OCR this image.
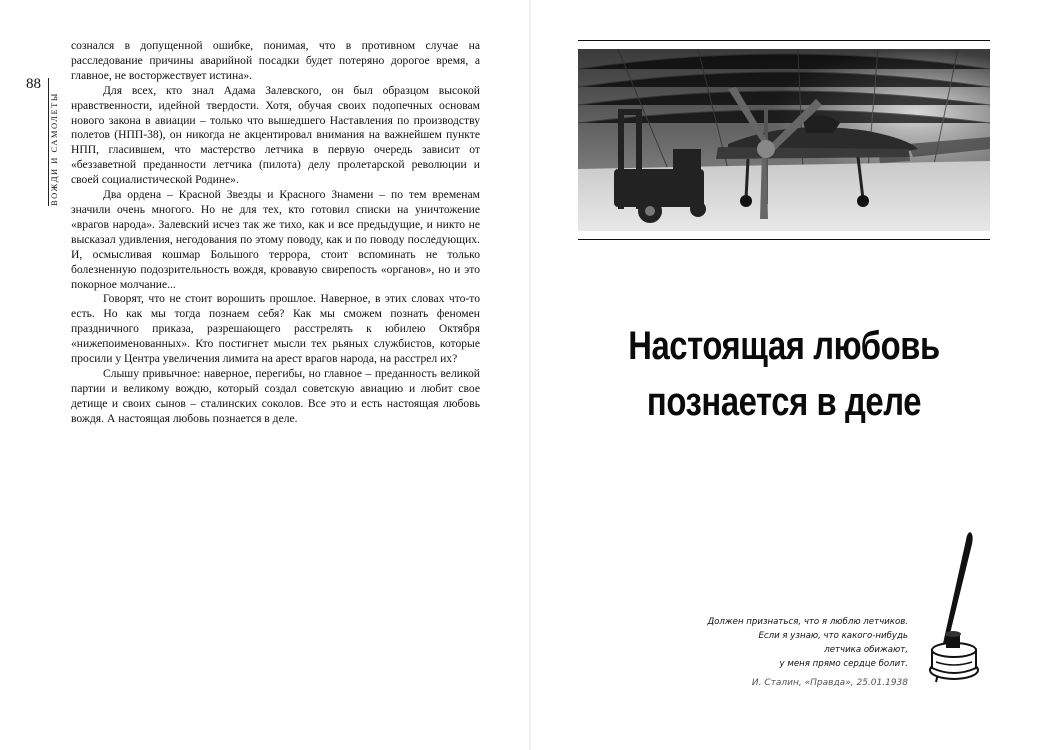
88
ВОЖДИ И САМОЛЕТЫ

сознался в допущенной ошибке, понимая, что в противном случае на расследование причины аварийной посадки будет потеряно дорогое время, а главное, не восторжествует истина».

Для всех, кто знал Адама Залевского, он был образцом высокой нравственности, идейной твердости. Хотя, обучая своих подопечных основам нового закона в авиации – только что вышедшего Наставления по производству полетов (НПП-38), он никогда не акцентировал внимания на важнейшем пункте НПП, гласившем, что мастерство летчика в первую очередь зависит от «беззаветной преданности летчика (пилота) делу пролетарской революции и своей социалистической Родине».

Два ордена – Красной Звезды и Красного Знамени – по тем временам значили очень многого. Но не для тех, кто готовил списки на уничтожение «врагов народа». Залевский исчез так же тихо, как и все предыдущие, и никто не высказал удивления, негодования по этому поводу, как и по поводу последующих. И, осмысливая кошмар Большого террора, стоит вспоминать не только болезненную подозрительность вождя, кровавую свирепость «органов», но и это покорное молчание...

Говорят, что не стоит ворошить прошлое. Наверное, в этих словах что-то есть. Но как мы тогда познаем себя? Как мы сможем познать феномен праздничного приказа, разрешающего расстрелять к юбилею Октября «нижепоименованных». Кто постигнет мысли тех рьяных службистов, которые просили у Центра увеличения лимита на арест врагов народа, на расстрел их?

Слышу привычное: наверное, перегибы, но главное – преданность великой партии и великому вождю, который создал советскую авиацию и любит свое детище и своих сынов – сталинских соколов. Все это и есть настоящая любовь вождя. А настоящая любовь познается в деле.

Настоящая любовь
познается в деле
Должен признаться, что я люблю летчиков.
Если я узнаю, что какого-нибудь
летчика обижают,
у меня прямо сердце болит.
И. Сталин, «Правда», 25.01.1938
